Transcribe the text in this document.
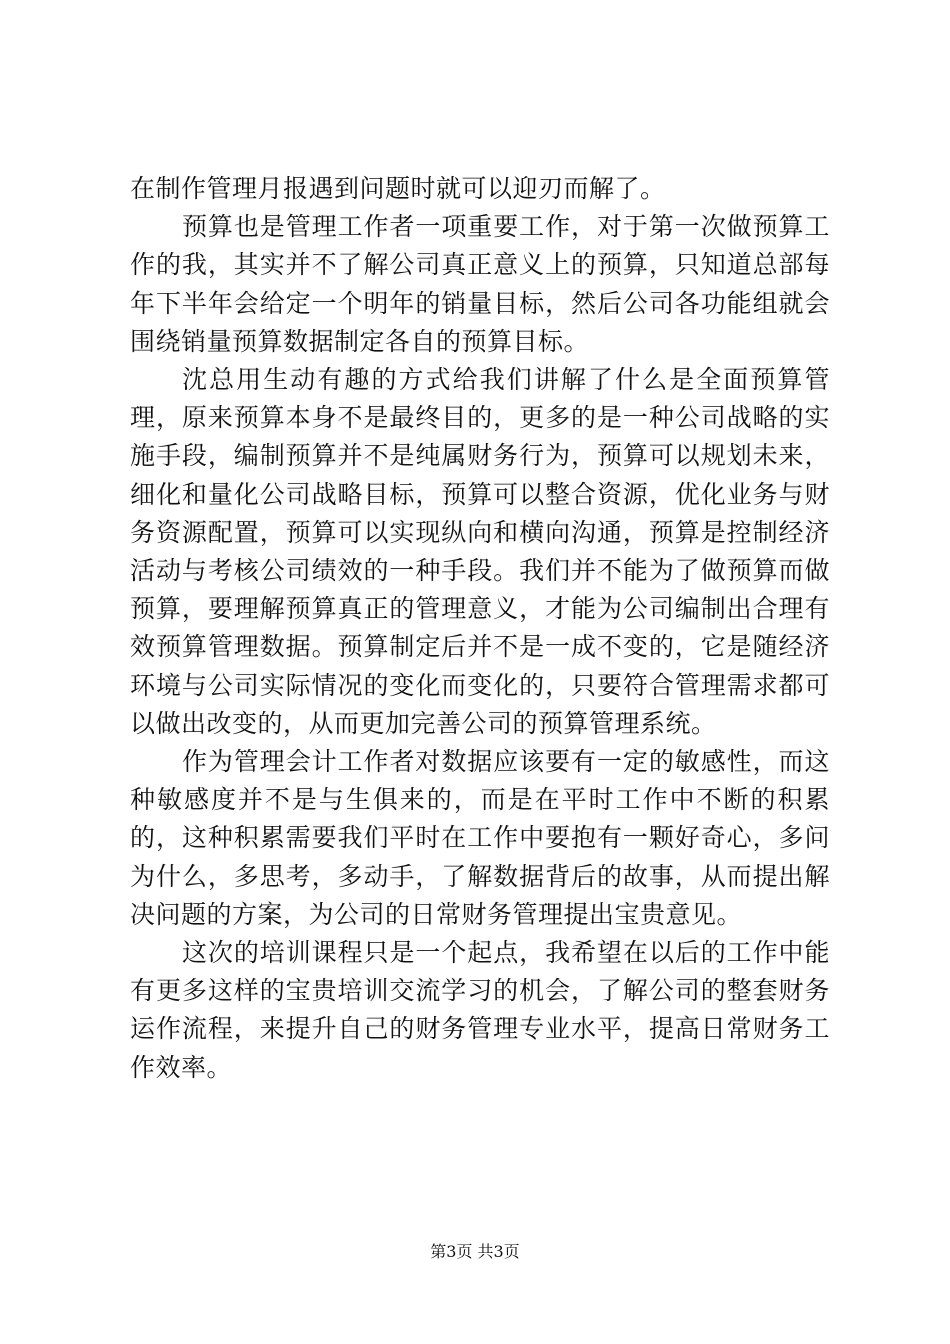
在制作管理月报遇到问题时就可以迎刃而解了。

预算也是管理工作者一项重要工作，对于第一次做预算工作的我，其实并不了解公司真正意义上的预算，只知道总部每年下半年会给定一个明年的销量目标，然后公司各功能组就会围绕销量预算数据制定各自的预算目标。

沈总用生动有趣的方式给我们讲解了什么是全面预算管理，原来预算本身不是最终目的，更多的是一种公司战略的实施手段，编制预算并不是纯属财务行为，预算可以规划未来，细化和量化公司战略目标，预算可以整合资源，优化业务与财务资源配置，预算可以实现纵向和横向沟通，预算是控制经济活动与考核公司绩效的一种手段。我们并不能为了做预算而做预算，要理解预算真正的管理意义，才能为公司编制出合理有效预算管理数据。预算制定后并不是一成不变的，它是随经济环境与公司实际情况的变化而变化的，只要符合管理需求都可以做出改变的，从而更加完善公司的预算管理系统。

作为管理会计工作者对数据应该要有一定的敏感性，而这种敏感度并不是与生俱来的，而是在平时工作中不断的积累的，这种积累需要我们平时在工作中要抱有一颗好奇心，多问为什么，多思考，多动手，了解数据背后的故事，从而提出解决问题的方案，为公司的日常财务管理提出宝贵意见。

这次的培训课程只是一个起点，我希望在以后的工作中能有更多这样的宝贵培训交流学习的机会，了解公司的整套财务运作流程，来提升自己的财务管理专业水平，提高日常财务工作效率。

第3页 共3页
